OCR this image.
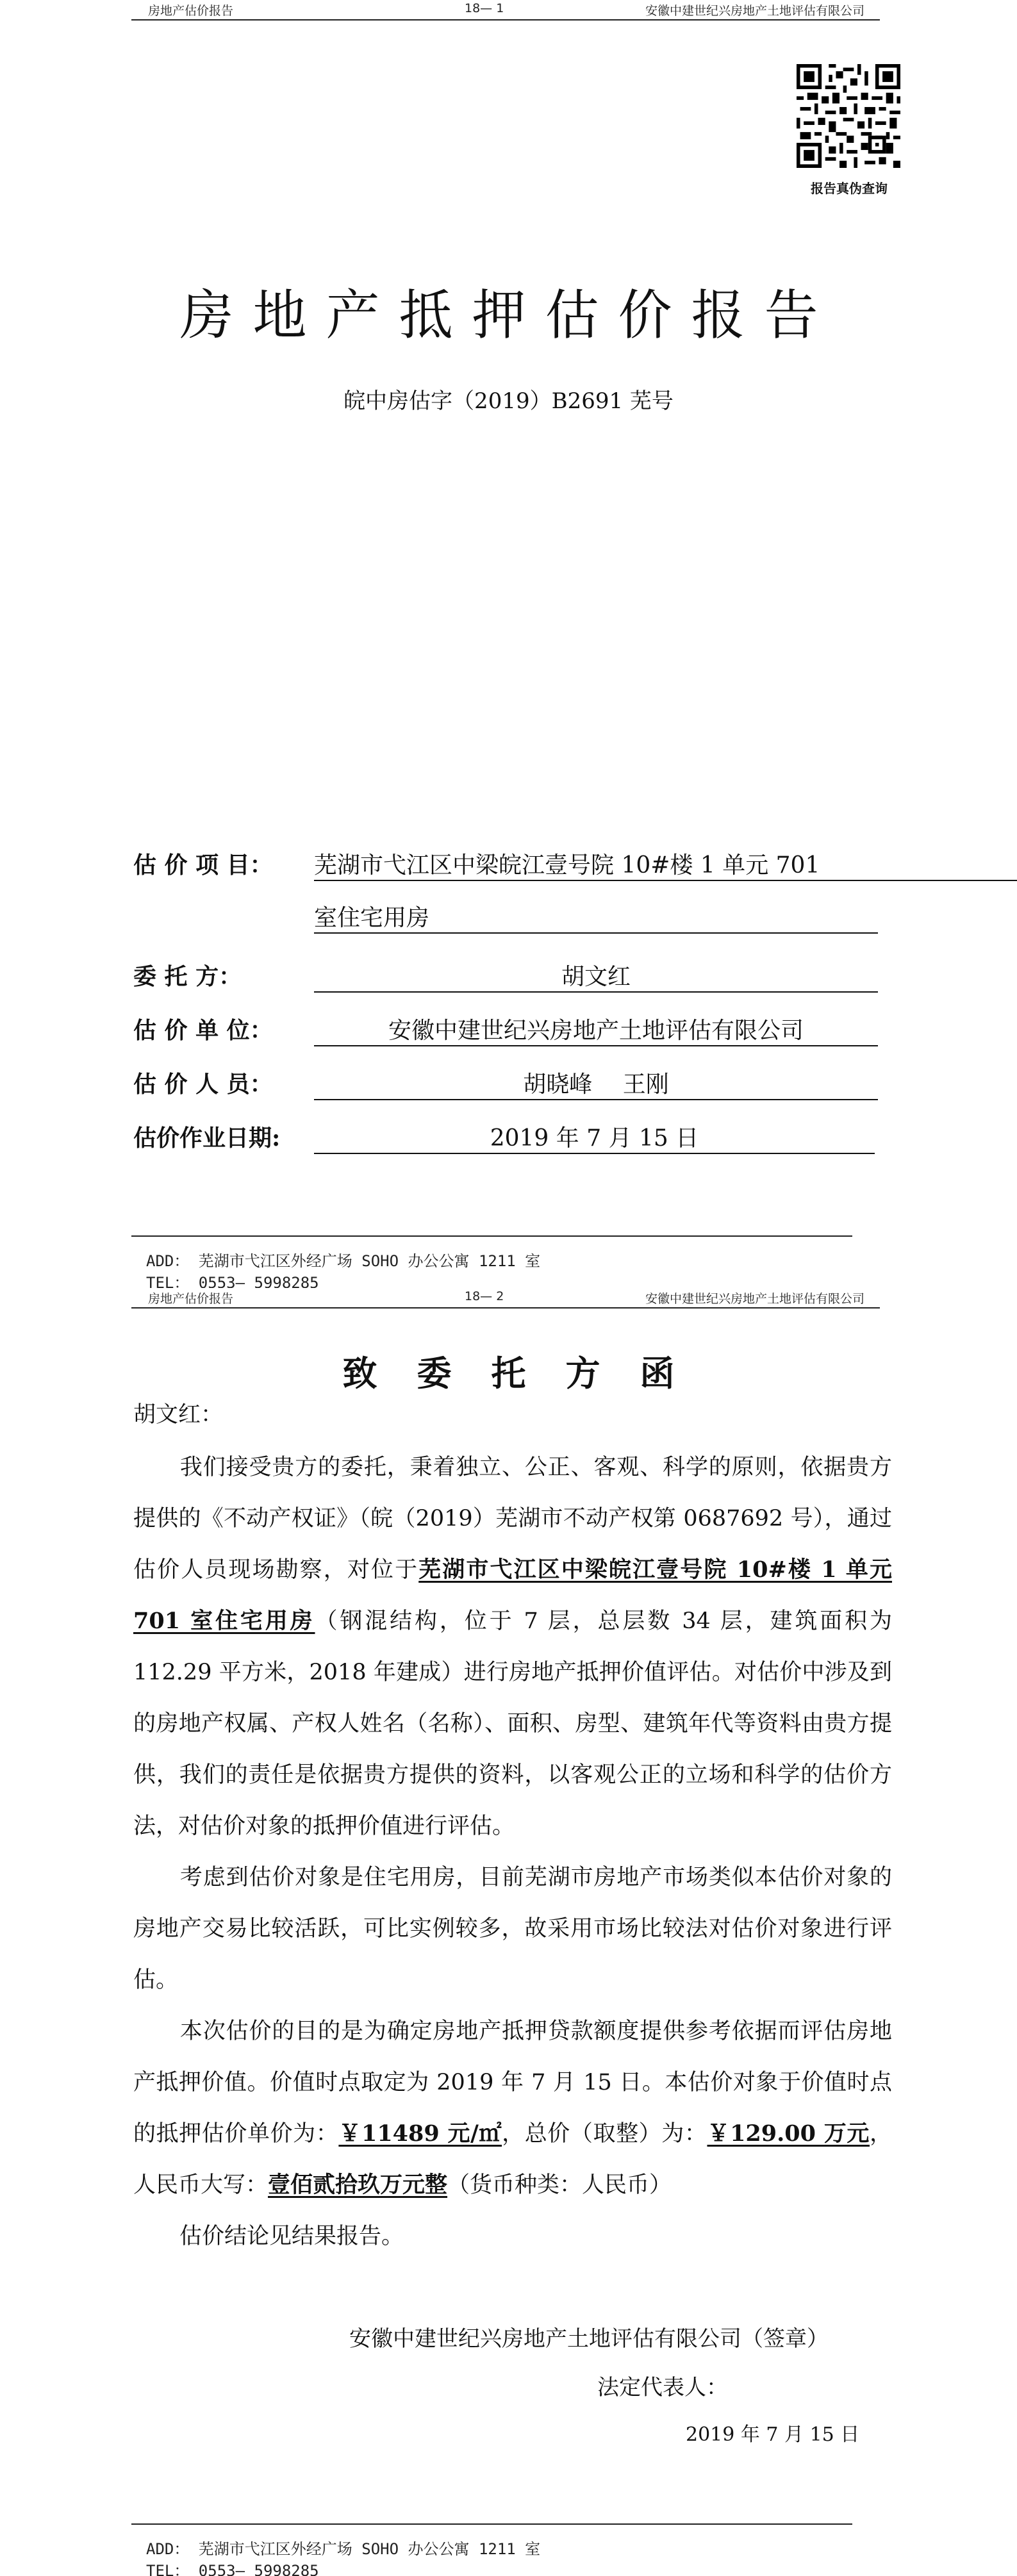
房地产估价报告	18— 1	安徽中建世纪兴房地产土地评估有限公司
报告真伪查询
房地产抵押估价报告
皖中房估字（2019）B2691 芜号
估 价 项 目： 芜湖市弋江区中梁皖江壹号院 10#楼 1 单元 701
室住宅用房
委 托 方：	胡文红
估 价 单 位：	安徽中建世纪兴房地产土地评估有限公司
估 价 人 员：	胡晓峰　 王刚
估价作业日期:	2019 年 7 月 15 日
ADD： 芜湖市弋江区外经广场 SOHO 办公公寓 1211 室
TEL： 0553— 5998285
房地产估价报告	18— 2	安徽中建世纪兴房地产土地评估有限公司
致委托方函
胡文红：
我们接受贵方的委托，秉着独立、公正、客观、科学的原则，依据贵方提供的《不动产权证》（皖（2019）芜湖市不动产权第 0687692 号），通过估价人员现场勘察，对位于芜湖市弋江区中梁皖江壹号院 10#楼 1 单元 701 室住宅用房（钢混结构，位于 7 层，总层数 34 层，建筑面积为 112.29 平方米，2018 年建成）进行房地产抵押价值评估。对估价中涉及到的房地产权属、产权人姓名（名称）、面积、房型、建筑年代等资料由贵方提供，我们的责任是依据贵方提供的资料，以客观公正的立场和科学的估价方法，对估价对象的抵押价值进行评估。
考虑到估价对象是住宅用房，目前芜湖市房地产市场类似本估价对象的房地产交易比较活跃，可比实例较多，故采用市场比较法对估价对象进行评估。
本次估价的目的是为确定房地产抵押贷款额度提供参考依据而评估房地产抵押价值。价值时点取定为 2019 年 7 月 15 日。本估价对象于价值时点的抵押估价单价为：￥11489 元/㎡，总价（取整）为：￥129.00 万元，人民币大写：壹佰贰拾玖万元整（货币种类：人民币）
估价结论见结果报告。
安徽中建世纪兴房地产土地评估有限公司（签章）
法定代表人：
2019 年 7 月 15 日
ADD： 芜湖市弋江区外经广场 SOHO 办公公寓 1211 室
TEL： 0553— 5998285
